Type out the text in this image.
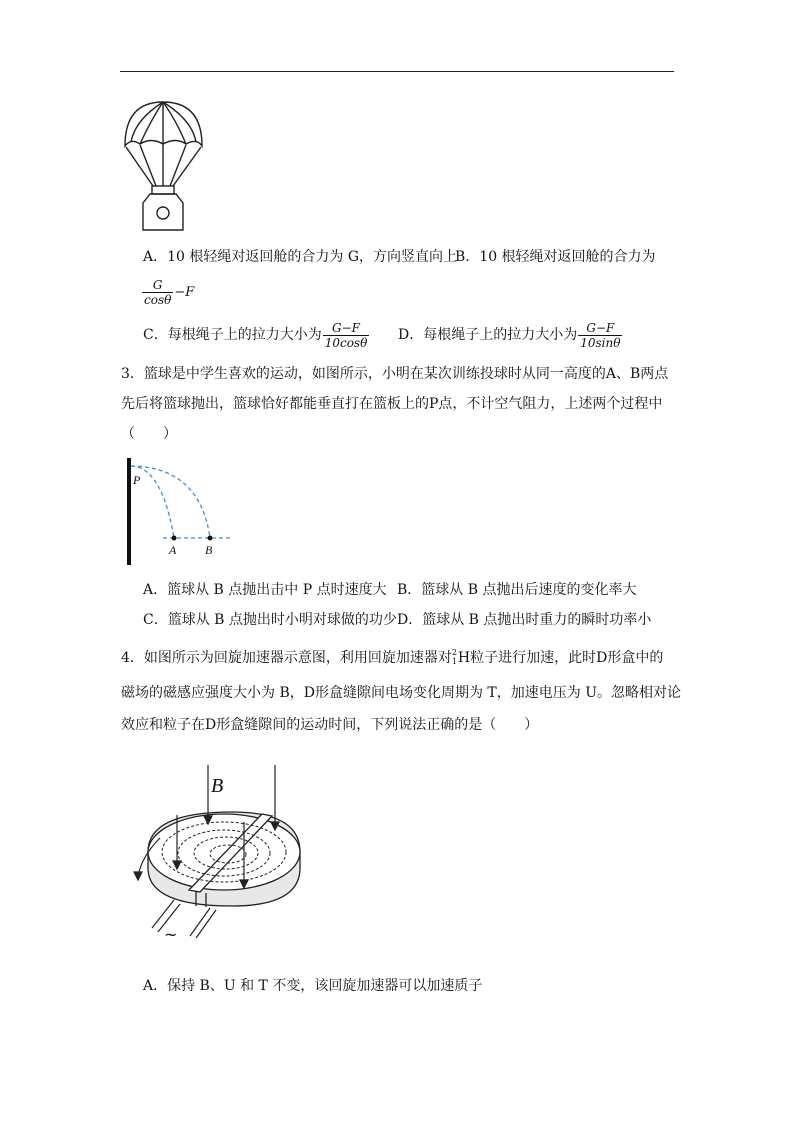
A．10 根轻绳对返回舱的合力为 G，方向竖直向上
B．10 根轻绳对返回舱的合力为
$\frac{G}{\cos\theta} -F$
C．每根绳子上的拉力大小为 $\frac{G-F}{10\cos\theta}$ D．每根绳子上的拉力大小为 $\frac{G-F}{10\sin\theta}$
3．篮球是中学生喜欢的运动，如图所示，小明在某次训练投球时从同一高度的A、B两点
先后将篮球抛出，篮球恰好都能垂直打在篮板上的P点，不计空气阻力，上述两个过程中
（　　）
P
A B
A．篮球从 B 点抛出击中 P 点时速度大 B．篮球从 B 点抛出后速度的变化率大
C．篮球从 B 点抛出时小明对球做的功少 D．篮球从 B 点抛出时重力的瞬时功率小
4．如图所示为回旋加速器示意图，利用回旋加速器对 2
1 H粒子进行加速，此时D形盒中的
磁场的磁感应强度大小为 B，D形盒缝隙间电场变化周期为 T，加速电压为 U。忽略相对论
效应和粒子在D形盒缝隙间的运动时间，下列说法正确的是（　　）
B
~
A．保持 B、U 和 T 不变，该回旋加速器可以加速质子
